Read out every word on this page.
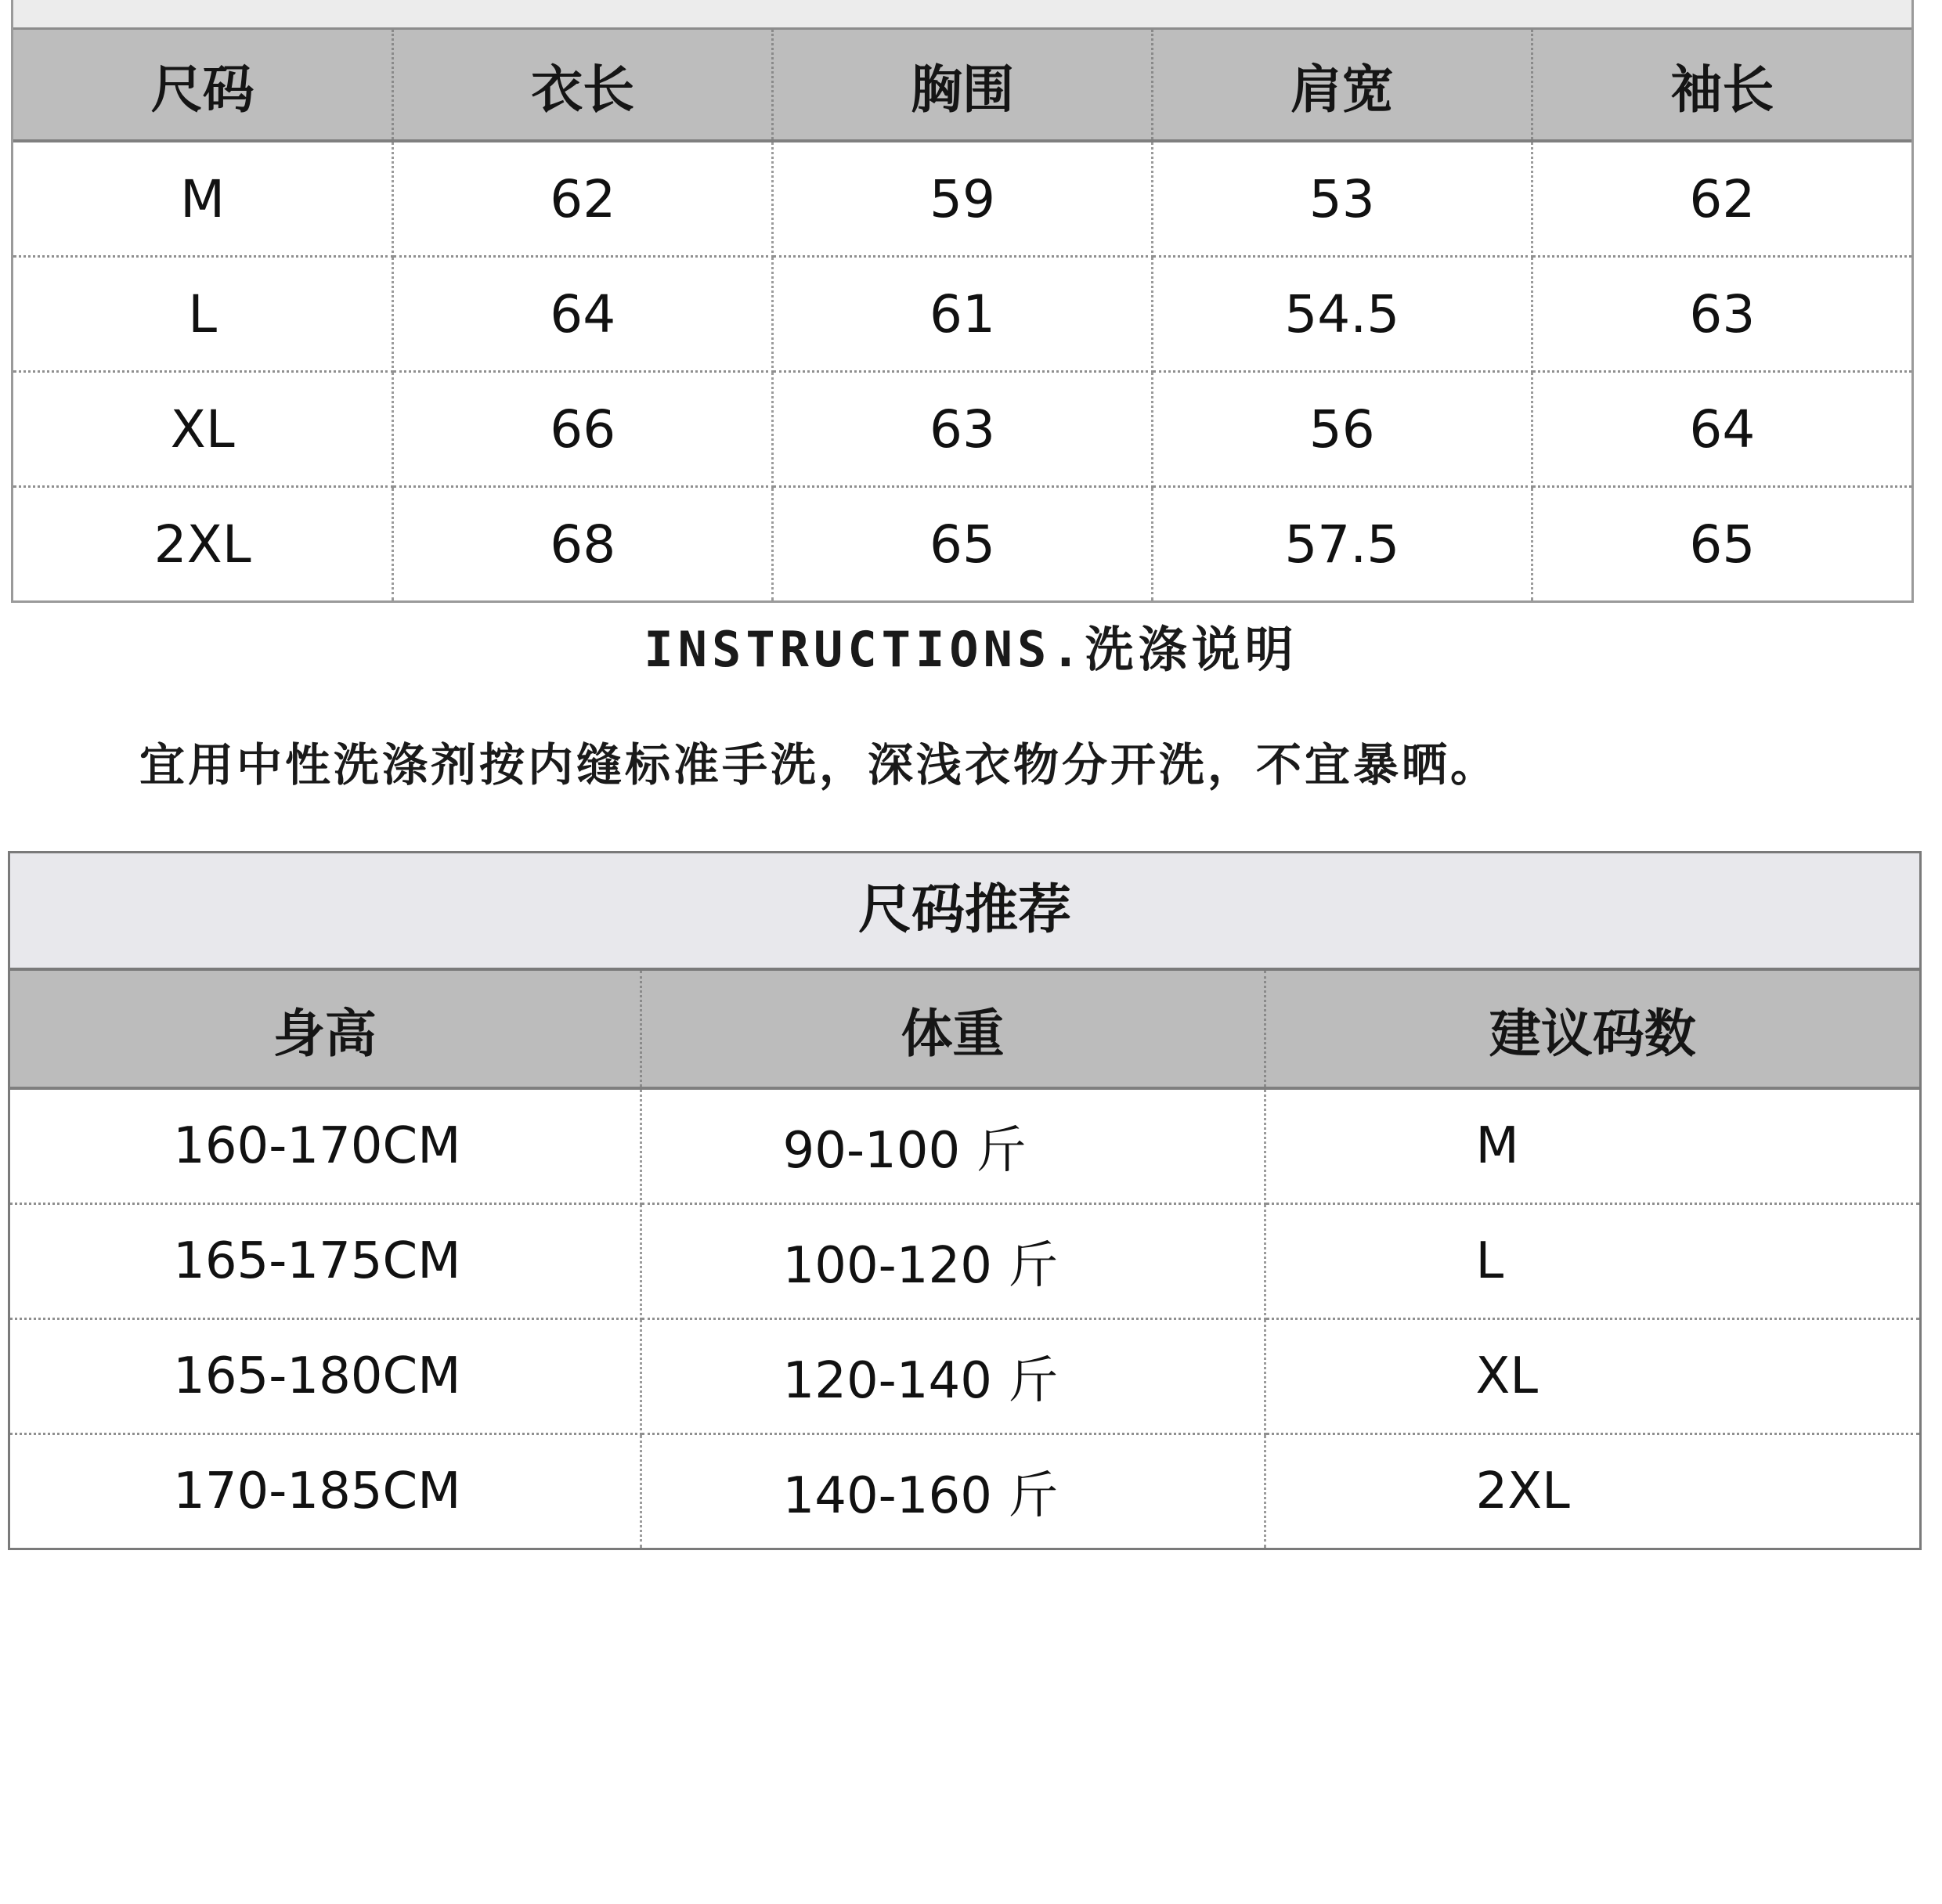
尺码	衣长	胸围	肩宽	袖长
M	62	59	53	62
L	64	61	54.5	63
XL	66	63	56	64
2XL	68	65	57.5	65
INSTRUCTIONS.洗涤说明
宜用中性洗涤剂按内缝标准手洗，深浅衣物分开洗，不宜暴晒。
尺码推荐
身高	体重	建议码数
160-170CM	90-100 斤	M
165-175CM	100-120 斤	L
165-180CM	120-140 斤	XL
170-185CM	140-160 斤	2XL
